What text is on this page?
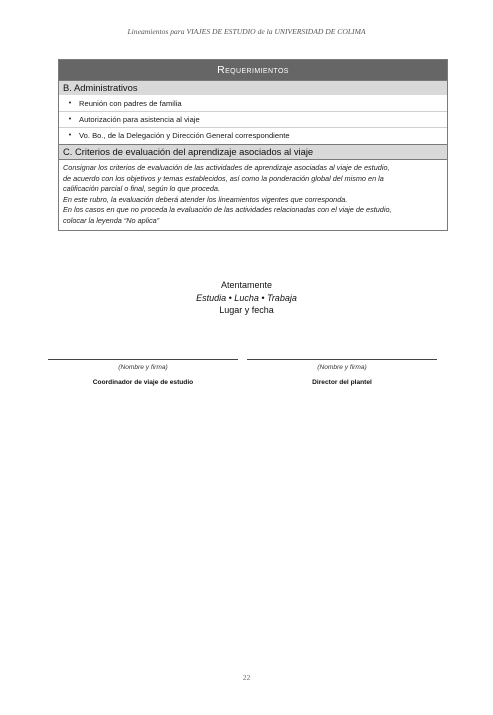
Lineamientos para VIAJES DE ESTUDIO de la UNIVERSIDAD DE COLIMA
Requerimientos
B. Administrativos
•	Reunión con padres de familia
•	Autorización para asistencia al viaje
•	Vo. Bo., de la Delegación y Dirección General correspondiente
C. Criterios de evaluación del aprendizaje asociados al viaje
Consignar los criterios de evaluación de las actividades de aprendizaje asociadas al viaje de estudio,
de acuerdo con los objetivos y temas establecidos, así como la ponderación global del mismo en la
calificación parcial o final, según lo que proceda.
En este rubro, la evaluación deberá atender los lineamientos vigentes que corresponda.
En los casos en que no proceda la evaluación de las actividades relacionadas con el viaje de estudio,
colocar la leyenda “No aplica”
Atentamente
Estudia • Lucha • Trabaja
Lugar y fecha
(Nombre y firma)
Coordinador de viaje de estudio
(Nombre y firma)
Director del plantel
22
